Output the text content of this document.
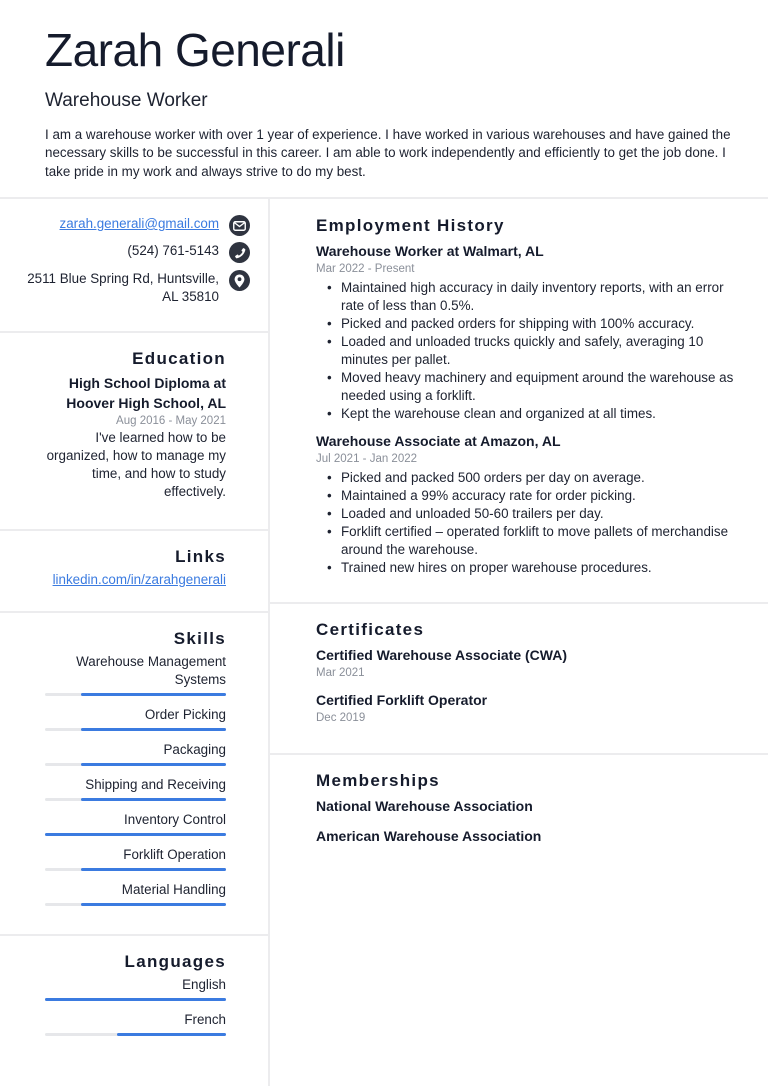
Zarah Generali
Warehouse Worker
I am a warehouse worker with over 1 year of experience. I have worked in various warehouses and have gained the necessary skills to be successful in this career. I am able to work independently and efficiently to get the job done. I take pride in my work and always strive to do my best.
zarah.generali@gmail.com
(524) 761-5143
2511 Blue Spring Rd, Huntsville,
AL 35810
Education
High School Diploma at
Hoover High School, AL
Aug 2016 - May 2021
I've learned how to be organized, how to manage my time, and how to study effectively.
Links
linkedin.com/in/zarahgenerali
Skills
Warehouse Management Systems
Order Picking
Packaging
Shipping and Receiving
Inventory Control
Forklift Operation
Material Handling
Languages
English
French
Employment History
Warehouse Worker at Walmart, AL
Mar 2022 - Present
• Maintained high accuracy in daily inventory reports, with an error rate of less than 0.5%.
• Picked and packed orders for shipping with 100% accuracy.
• Loaded and unloaded trucks quickly and safely, averaging 10 minutes per pallet.
• Moved heavy machinery and equipment around the warehouse as needed using a forklift.
• Kept the warehouse clean and organized at all times.
Warehouse Associate at Amazon, AL
Jul 2021 - Jan 2022
• Picked and packed 500 orders per day on average.
• Maintained a 99% accuracy rate for order picking.
• Loaded and unloaded 50-60 trailers per day.
• Forklift certified – operated forklift to move pallets of merchandise around the warehouse.
• Trained new hires on proper warehouse procedures.
Certificates
Certified Warehouse Associate (CWA)
Mar 2021
Certified Forklift Operator
Dec 2019
Memberships
National Warehouse Association
American Warehouse Association
